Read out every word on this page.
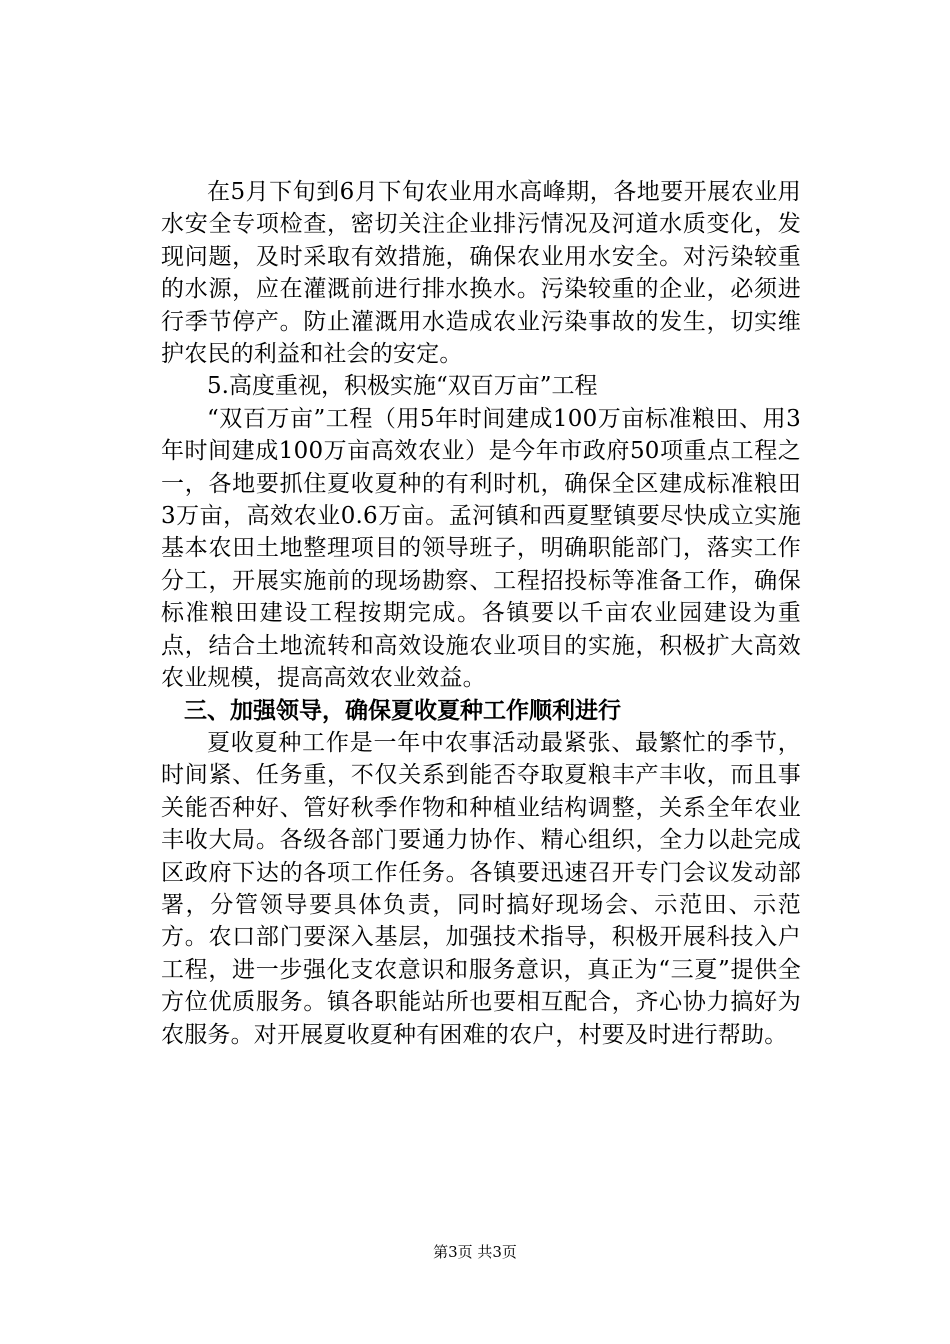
在5月下旬到6月下旬农业用水高峰期，各地要开展农业用水安全专项检查，密切关注企业排污情况及河道水质变化，发现问题，及时采取有效措施，确保农业用水安全。对污染较重的水源，应在灌溉前进行排水换水。污染较重的企业，必须进行季节停产。防止灌溉用水造成农业污染事故的发生，切实维护农民的利益和社会的安定。

5.高度重视，积极实施“双百万亩”工程

“双百万亩”工程（用5年时间建成100万亩标准粮田、用3年时间建成100万亩高效农业）是今年市政府50项重点工程之一，各地要抓住夏收夏种的有利时机，确保全区建成标准粮田3万亩，高效农业0.6万亩。孟河镇和西夏墅镇要尽快成立实施基本农田土地整理项目的领导班子，明确职能部门，落实工作分工，开展实施前的现场勘察、工程招投标等准备工作，确保标准粮田建设工程按期完成。各镇要以千亩农业园建设为重点，结合土地流转和高效设施农业项目的实施，积极扩大高效农业规模，提高高效农业效益。

三、加强领导，确保夏收夏种工作顺利进行

夏收夏种工作是一年中农事活动最紧张、最繁忙的季节，时间紧、任务重，不仅关系到能否夺取夏粮丰产丰收，而且事关能否种好、管好秋季作物和种植业结构调整，关系全年农业丰收大局。各级各部门要通力协作、精心组织，全力以赴完成区政府下达的各项工作任务。各镇要迅速召开专门会议发动部署，分管领导要具体负责，同时搞好现场会、示范田、示范方。农口部门要深入基层，加强技术指导，积极开展科技入户工程，进一步强化支农意识和服务意识，真正为“三夏”提供全方位优质服务。镇各职能站所也要相互配合，齐心协力搞好为农服务。对开展夏收夏种有困难的农户，村要及时进行帮助。

第3页 共3页
